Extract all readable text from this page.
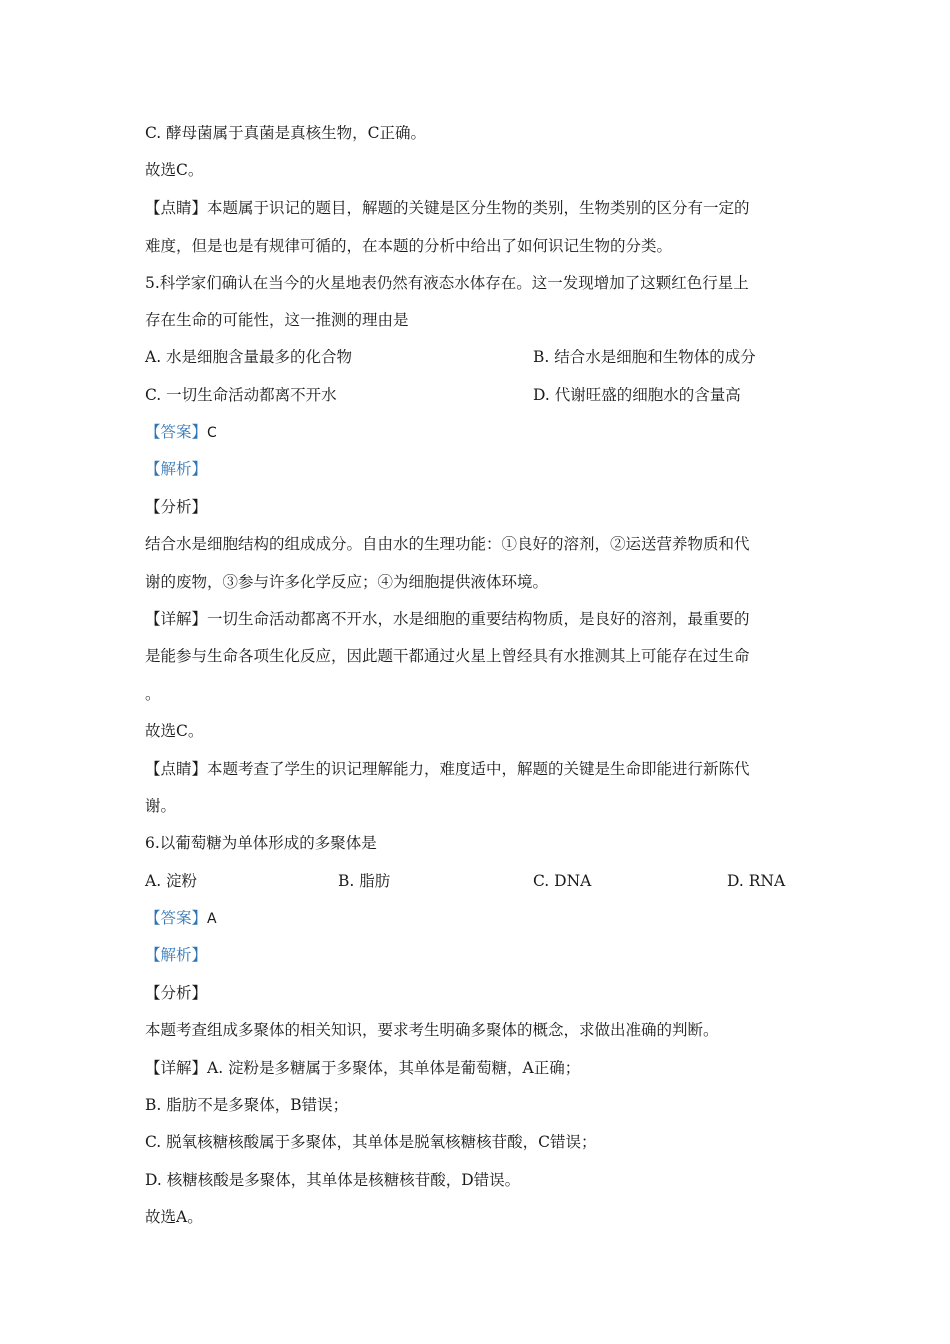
C. 酵母菌属于真菌是真核生物，C正确。
故选C。
【点睛】本题属于识记的题目，解题的关键是区分生物的类别，生物类别的区分有一定的
难度，但是也是有规律可循的，在本题的分析中给出了如何识记生物的分类。
5.科学家们确认在当今的火星地表仍然有液态水体存在。这一发现增加了这颗红色行星上
存在生命的可能性，这一推测的理由是
A. 水是细胞含量最多的化合物	B. 结合水是细胞和生物体的成分
C. 一切生命活动都离不开水	D. 代谢旺盛的细胞水的含量高
【答案】C
【解析】
【分析】
结合水是细胞结构的组成成分。自由水的生理功能：①良好的溶剂，②运送营养物质和代
谢的废物，③参与许多化学反应；④为细胞提供液体环境。
【详解】一切生命活动都离不开水，水是细胞的重要结构物质，是良好的溶剂，最重要的
是能参与生命各项生化反应，因此题干都通过火星上曾经具有水推测其上可能存在过生命
。
故选C。
【点睛】本题考查了学生的识记理解能力，难度适中，解题的关键是生命即能进行新陈代
谢。
6.以葡萄糖为单体形成的多聚体是
A. 淀粉	B. 脂肪	C. DNA	D. RNA
【答案】A
【解析】
【分析】
本题考查组成多聚体的相关知识，要求考生明确多聚体的概念，求做出准确的判断。
【详解】A. 淀粉是多糖属于多聚体，其单体是葡萄糖，A正确；
B. 脂肪不是多聚体，B错误；
C. 脱氧核糖核酸属于多聚体，其单体是脱氧核糖核苷酸，C错误；
D. 核糖核酸是多聚体，其单体是核糖核苷酸，D错误。
故选A。
